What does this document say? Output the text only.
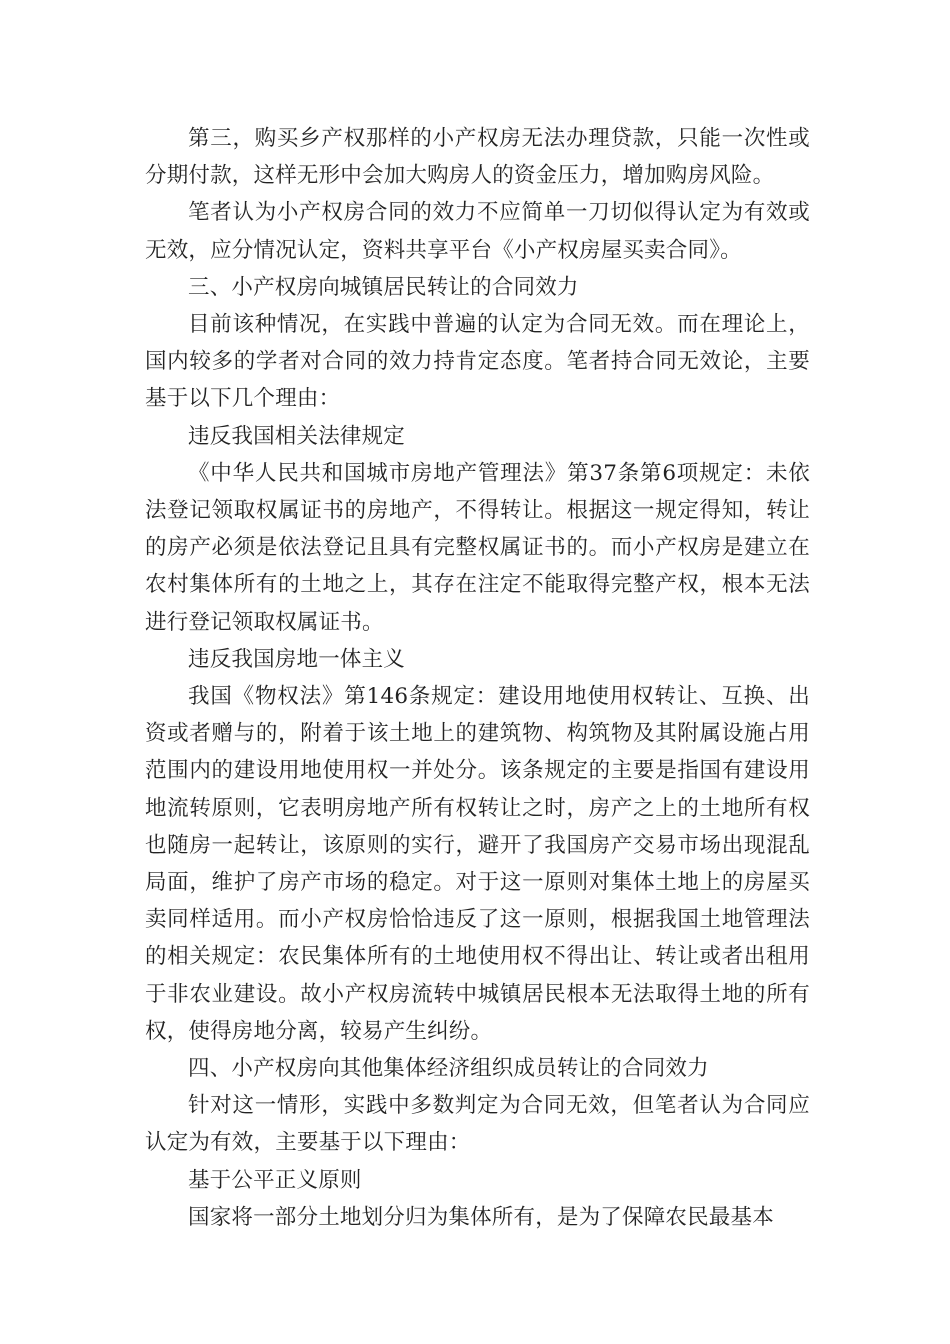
第三，购买乡产权那样的小产权房无法办理贷款，只能一次性或分期付款，这样无形中会加大购房人的资金压力，增加购房风险。

笔者认为小产权房合同的效力不应简单一刀切似得认定为有效或无效，应分情况认定，资料共享平台《小产权房屋买卖合同》。

三、小产权房向城镇居民转让的合同效力

目前该种情况，在实践中普遍的认定为合同无效。而在理论上，国内较多的学者对合同的效力持肯定态度。笔者持合同无效论，主要基于以下几个理由：

违反我国相关法律规定

《中华人民共和国城市房地产管理法》第37条第6项规定：未依法登记领取权属证书的房地产，不得转让。根据这一规定得知，转让的房产必须是依法登记且具有完整权属证书的。而小产权房是建立在农村集体所有的土地之上，其存在注定不能取得完整产权，根本无法进行登记领取权属证书。

违反我国房地一体主义

我国《物权法》第146条规定：建设用地使用权转让、互换、出资或者赠与的，附着于该土地上的建筑物、构筑物及其附属设施占用范围内的建设用地使用权一并处分。该条规定的主要是指国有建设用地流转原则，它表明房地产所有权转让之时，房产之上的土地所有权也随房一起转让，该原则的实行，避开了我国房产交易市场出现混乱局面，维护了房产市场的稳定。对于这一原则对集体土地上的房屋买卖同样适用。而小产权房恰恰违反了这一原则，根据我国土地管理法的相关规定：农民集体所有的土地使用权不得出让、转让或者出租用于非农业建设。故小产权房流转中城镇居民根本无法取得土地的所有权，使得房地分离，较易产生纠纷。

四、小产权房向其他集体经济组织成员转让的合同效力

针对这一情形，实践中多数判定为合同无效，但笔者认为合同应认定为有效，主要基于以下理由：

基于公平正义原则

国家将一部分土地划分归为集体所有，是为了保障农民最基本
